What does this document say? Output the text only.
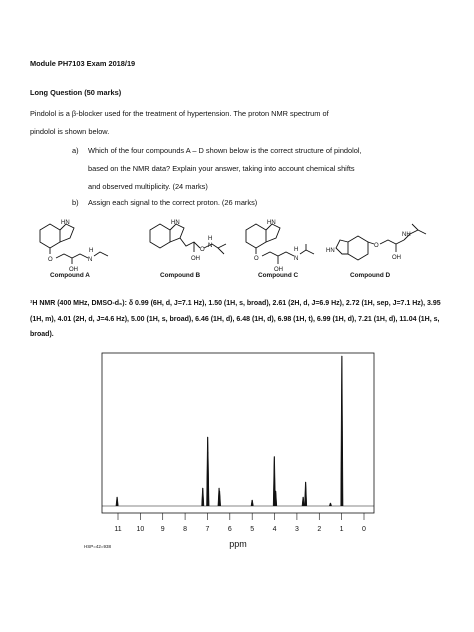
Module PH7103 Exam 2018/19
Long Question (50 marks)
Pindolol is a β-blocker used for the treatment of hypertension. The proton NMR spectrum of
pindolol is shown below.
a) Which of the four compounds A – D shown below is the correct structure of pindolol,
based on the NMR data? Explain your answer, taking into account chemical shifts
and observed multiplicity. (24 marks)
b) Assign each signal to the correct proton. (26 marks)
HN
O
OH
N
H
Compound A
HN
O
OH
N
H
Compound B
HN
O
OH
N
H
Compound C
HN
O
OH
NH
Compound D
¹H NMR (400 MHz, DMSO-d₆): δ 0.99 (6H, d, J=7.1 Hz), 1.50 (1H, s, broad), 2.61 (2H, d, J=6.9 Hz), 2.72 (1H, sep, J=7.1 Hz), 3.95 (1H, m), 4.01 (2H, d, J=4.6 Hz), 5.00 (1H, s, broad), 6.46 (1H, d), 6.48 (1H, d), 6.98 (1H, t), 6.99 (1H, d), 7.21 (1H, d), 11.04 (1H, s, broad).
11 10 9	8	7	6	5	4	3	2	1	0
ppm
HSP=42=938
